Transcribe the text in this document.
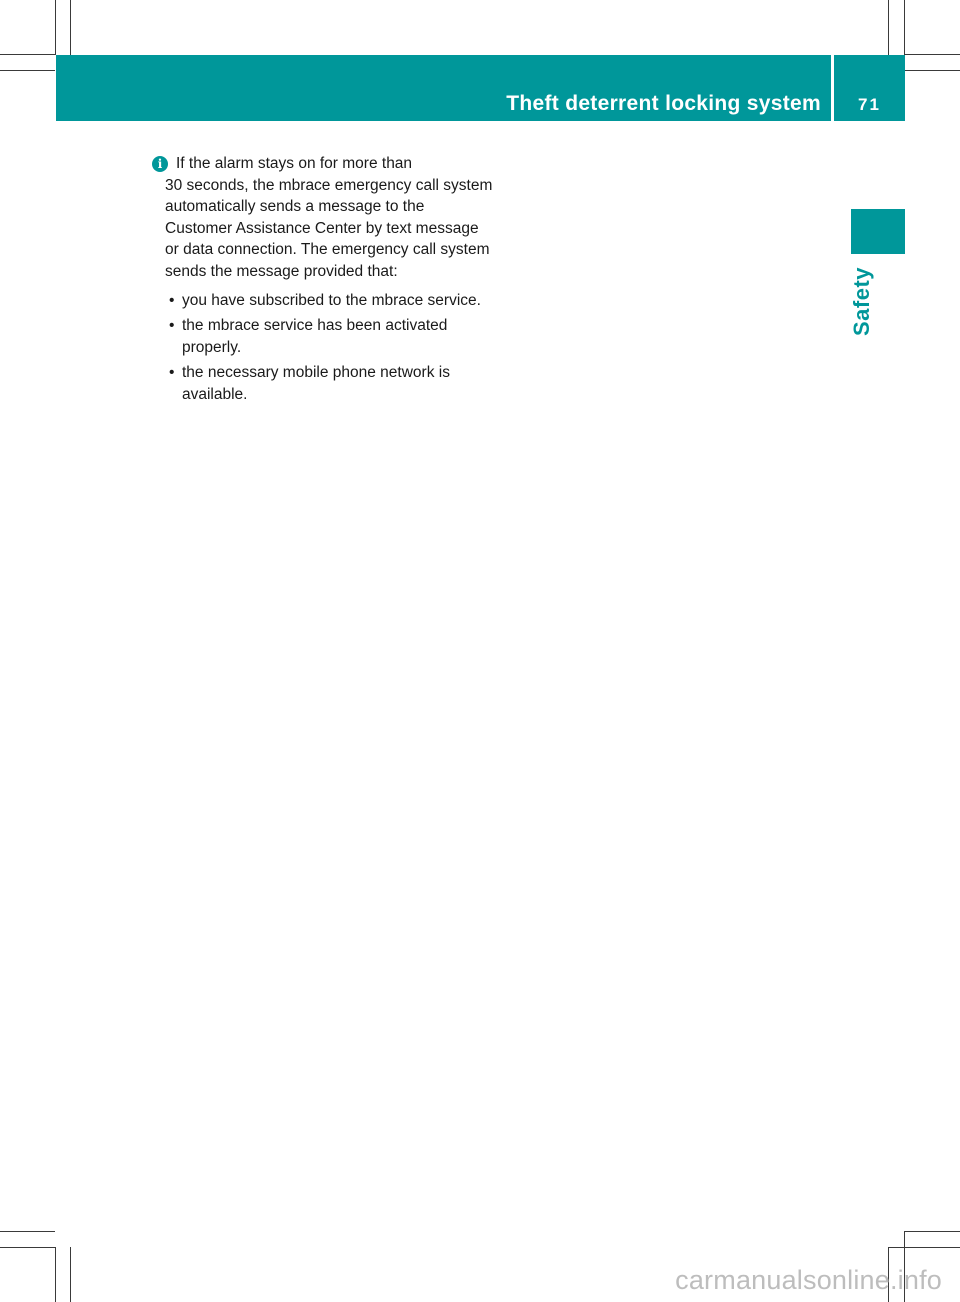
Theft deterrent locking system	71
Safety
i If the alarm stays on for more than
30 seconds, the mbrace emergency call system automatically sends a message to the Customer Assistance Center by text message or data connection. The emergency call system sends the message provided that:
• you have subscribed to the mbrace service.
• the mbrace service has been activated properly.
• the necessary mobile phone network is available.
carmanualsonline.info
